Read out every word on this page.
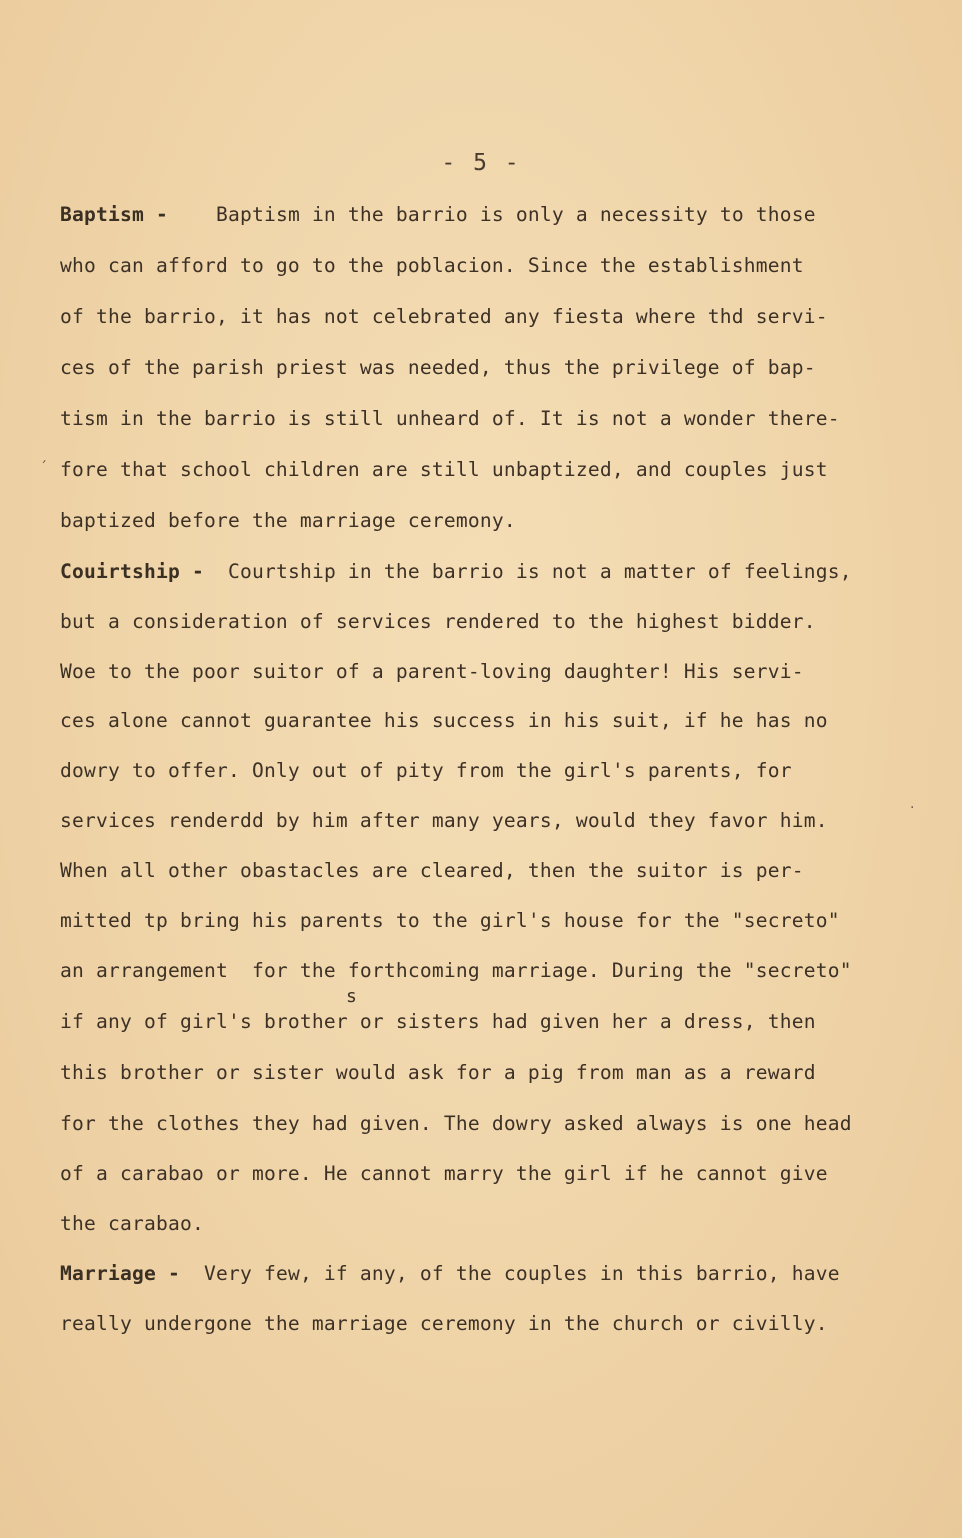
- 5 -
Baptism - Baptism in the barrio is only a necessity to those
who can afford to go to the poblacion. Since the establishment
of the barrio, it has not celebrated any fiesta where thd servi-
ces of the parish priest was needed, thus the privilege of bap-
tism in the barrio is still unheard of. It is not a wonder there-
fore that school children are still unbaptized, and couples just
baptized before the marriage ceremony.
Couirtship - Courtship in the barrio is not a matter of feelings,
but a consideration of services rendered to the highest bidder.
Woe to the poor suitor of a parent-loving daughter! His servi-
ces alone cannot guarantee his success in his suit, if he has no
dowry to offer. Only out of pity from the girl's parents, for
services renderdd by him after many years, would they favor him.
When all other obastacles are cleared, then the suitor is per-
mitted tp bring his parents to the girl's house for the "secreto"
an arrangement  for the forthcoming marriage. During the "secreto"
if any of girl's brother or sisters had given her a dress, then
this brother or sister would ask for a pig from man as a reward
for the clothes they had given. The dowry asked always is one head
of a carabao or more. He cannot marry the girl if he cannot give
the carabao.
Marriage - Very few, if any, of the couples in this barrio, have
really undergone the marriage ceremony in the church or civilly.
s
´
·
